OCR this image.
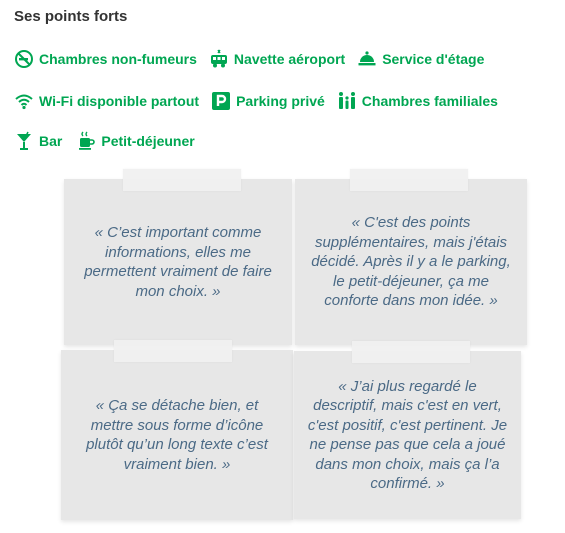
Ses points forts
Chambres non-fumeurs	Navette aéroport	Service d'étage
Wi-Fi disponible partout	Parking privé	Chambres familiales
Bar	Petit-déjeuner
« C’est important comme informations, elles me permettent vraiment de faire mon choix. »
« C'est des points supplémentaires, mais j'étais décidé. Après il y a le parking, le petit-déjeuner, ça me conforte dans mon idée. »
« Ça se détache bien, et mettre sous forme d’icône plutôt qu’un long texte c’est vraiment bien. »
« J’ai plus regardé le descriptif, mais c'est en vert, c'est positif, c'est pertinent. Je ne pense pas que cela a joué dans mon choix, mais ça l’a confirmé. »
